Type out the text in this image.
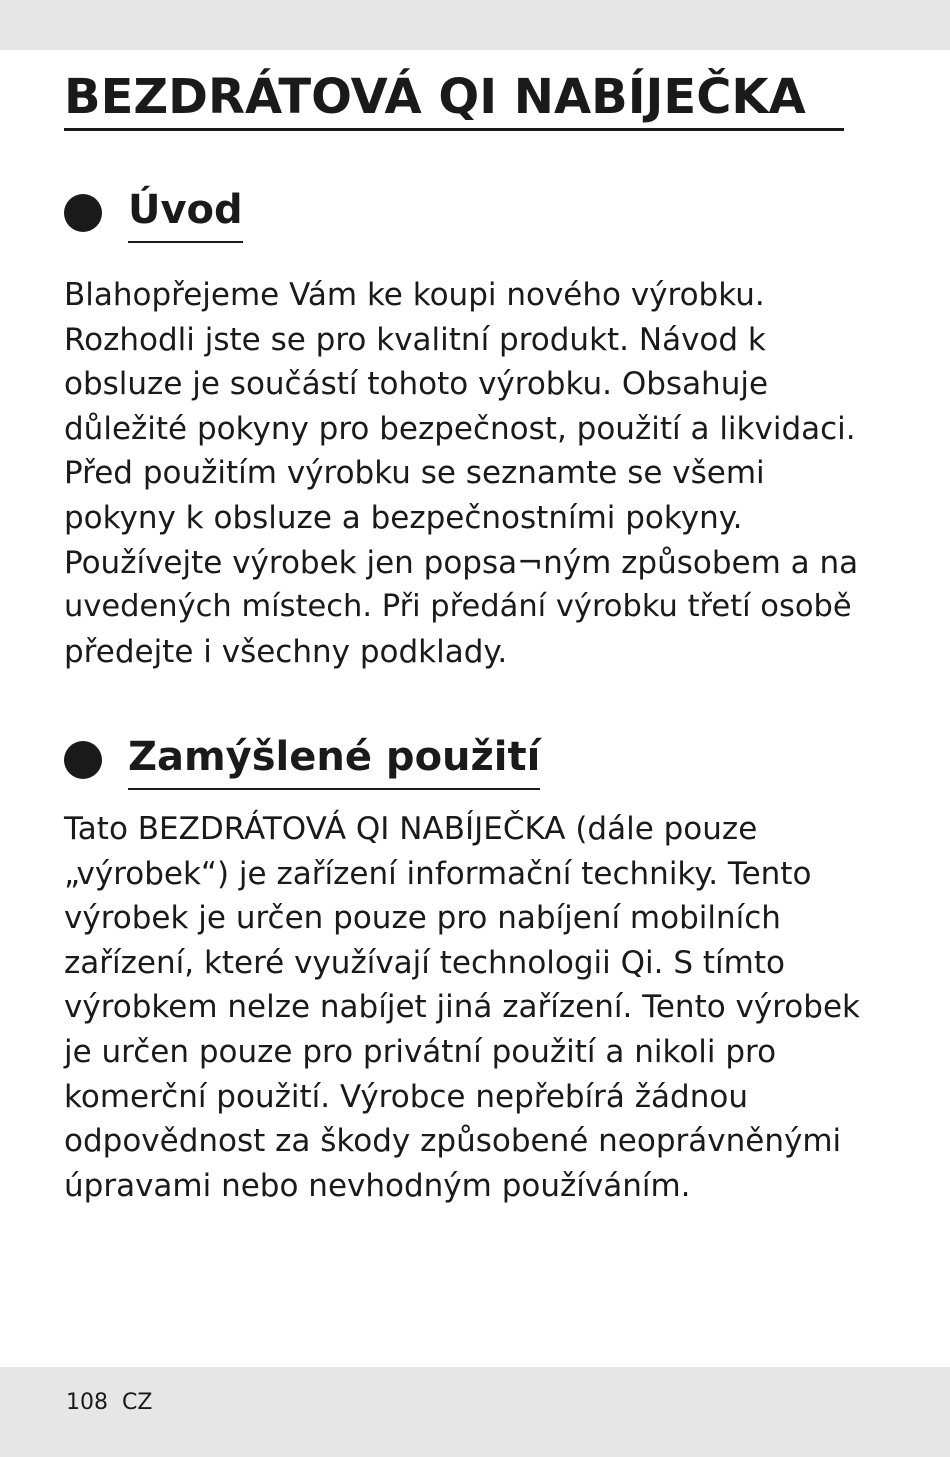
BEZDRÁTOVÁ QI NABÍJEČKA
Úvod

Blahopřejeme Vám ke koupi nového výrobku.
Rozhodli jste se pro kvalitní produkt. Návod k
obsluze je součástí tohoto výrobku. Obsahuje
důležité pokyny pro bezpečnost, použití a likvidaci.
Před použitím výrobku se seznamte se všemi
pokyny k obsluze a bezpečnostními pokyny.
Používejte výrobek jen popsa¬ným způsobem a na
uvedených místech. Při předání výrobku třetí osobě
předejte i všechny podklady.

Zamýšlené použití

Tato BEZDRÁTOVÁ QI NABÍJEČKA (dále pouze
„výrobek“) je zařízení informační techniky. Tento
výrobek je určen pouze pro nabíjení mobilních
zařízení, které využívají technologii Qi. S tímto
výrobkem nelze nabíjet jiná zařízení. Tento výrobek
je určen pouze pro privátní použití a nikoli pro
komerční použití. Výrobce nepřebírá žádnou
odpovědnost za škody způsobené neoprávněnými
úpravami nebo nevhodným používáním.

108 CZ
